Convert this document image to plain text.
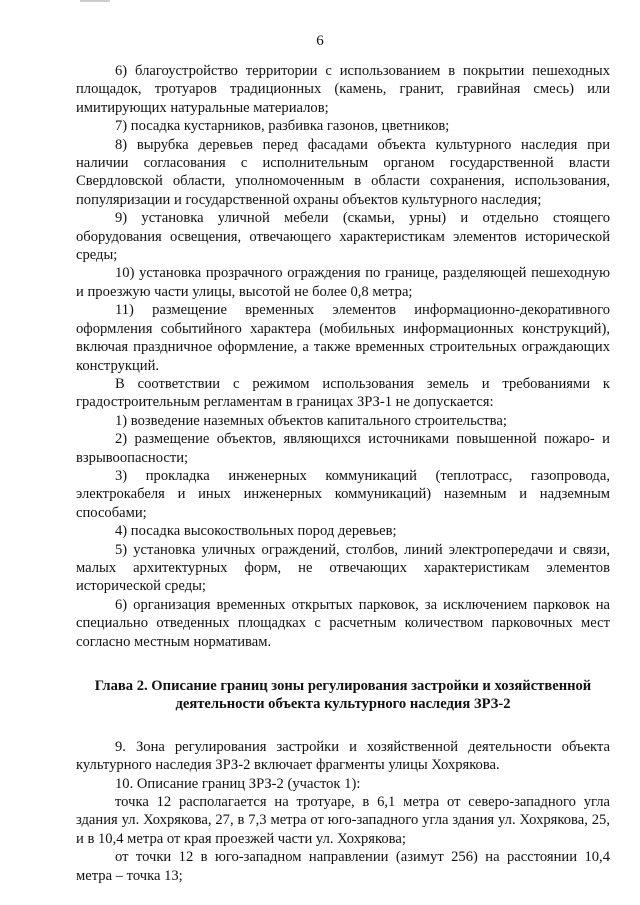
6

6) благоустройство территории с использованием в покрытии пешеходных площадок, тротуаров традиционных (камень, гранит, гравийная смесь) или имитирующих натуральные материалов;

7) посадка кустарников, разбивка газонов, цветников;

8) вырубка деревьев перед фасадами объекта культурного наследия при наличии согласования с исполнительным органом государственной власти Свердловской области, уполномоченным в области сохранения, использования, популяризации и государственной охраны объектов культурного наследия;

9) установка уличной мебели (скамьи, урны) и отдельно стоящего оборудования освещения, отвечающего характеристикам элементов исторической среды;

10) установка прозрачного ограждения по границе, разделяющей пешеходную и проезжую части улицы, высотой не более 0,8 метра;

11) размещение временных элементов информационно-декоративного оформления событийного характера (мобильных информационных конструкций), включая праздничное оформление, а также временных строительных ограждающих конструкций.

В соответствии с режимом использования земель и требованиями к градостроительным регламентам в границах ЗРЗ-1 не допускается:

1) возведение наземных объектов капитального строительства;

2) размещение объектов, являющихся источниками повышенной пожаро- и взрывоопасности;

3) прокладка инженерных коммуникаций (теплотрасс, газопровода, электрокабеля и иных инженерных коммуникаций) наземным и надземным способами;

4) посадка высокоствольных пород деревьев;

5) установка уличных ограждений, столбов, линий электропередачи и связи, малых архитектурных форм, не отвечающих характеристикам элементов исторической среды;

6) организация временных открытых парковок, за исключением парковок на специально отведенных площадках с расчетным количеством парковочных мест согласно местным нормативам.

Глава 2. Описание границ зоны регулирования застройки и хозяйственной
деятельности объекта культурного наследия ЗРЗ-2

9. Зона регулирования застройки и хозяйственной деятельности объекта культурного наследия ЗРЗ-2 включает фрагменты улицы Хохрякова.

10. Описание границ ЗРЗ-2 (участок 1):

точка 12 располагается на тротуаре, в 6,1 метра от северо-западного угла здания ул. Хохрякова, 27, в 7,3 метра от юго-западного угла здания ул. Хохрякова, 25, и в 10,4 метра от края проезжей части ул. Хохрякова;

от точки 12 в юго-западном направлении (азимут 256) на расстоянии 10,4 метра – точка 13;
